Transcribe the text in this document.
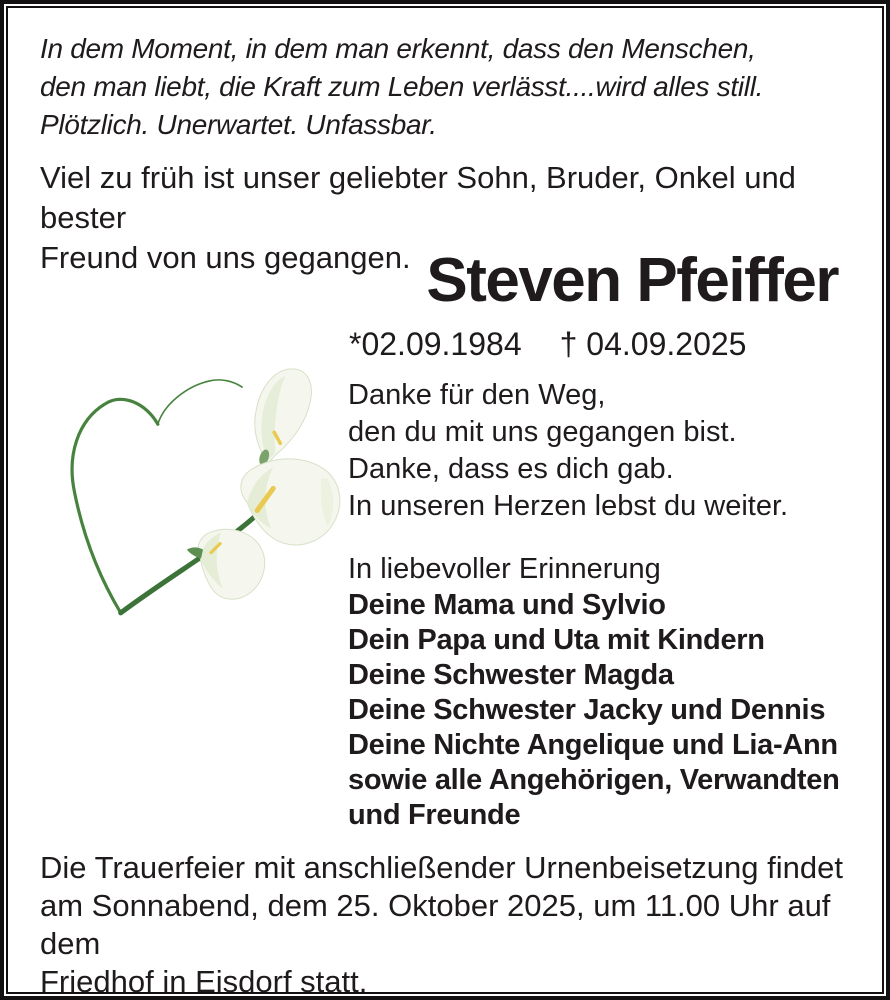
In dem Moment, in dem man erkennt, dass den Menschen,
den man liebt, die Kraft zum Leben verlässt....wird alles still.
Plötzlich. Unerwartet. Unfassbar.
Viel zu früh ist unser geliebter Sohn, Bruder, Onkel und bester
Freund von uns gegangen. Steven Pfeiffer
*02.09.1984 † 04.09.2025
Danke für den Weg,
den du mit uns gegangen bist.
Danke, dass es dich gab.
In unseren Herzen lebst du weiter.
In liebevoller Erinnerung
Deine Mama und Sylvio
Dein Papa und Uta mit Kindern
Deine Schwester Magda
Deine Schwester Jacky und Dennis
Deine Nichte Angelique und Lia-Ann
sowie alle Angehörigen, Verwandten
und Freunde
Die Trauerfeier mit anschließender Urnenbeisetzung findet
am Sonnabend, dem 25. Oktober 2025, um 11.00 Uhr auf dem
Friedhof in Eisdorf statt.
